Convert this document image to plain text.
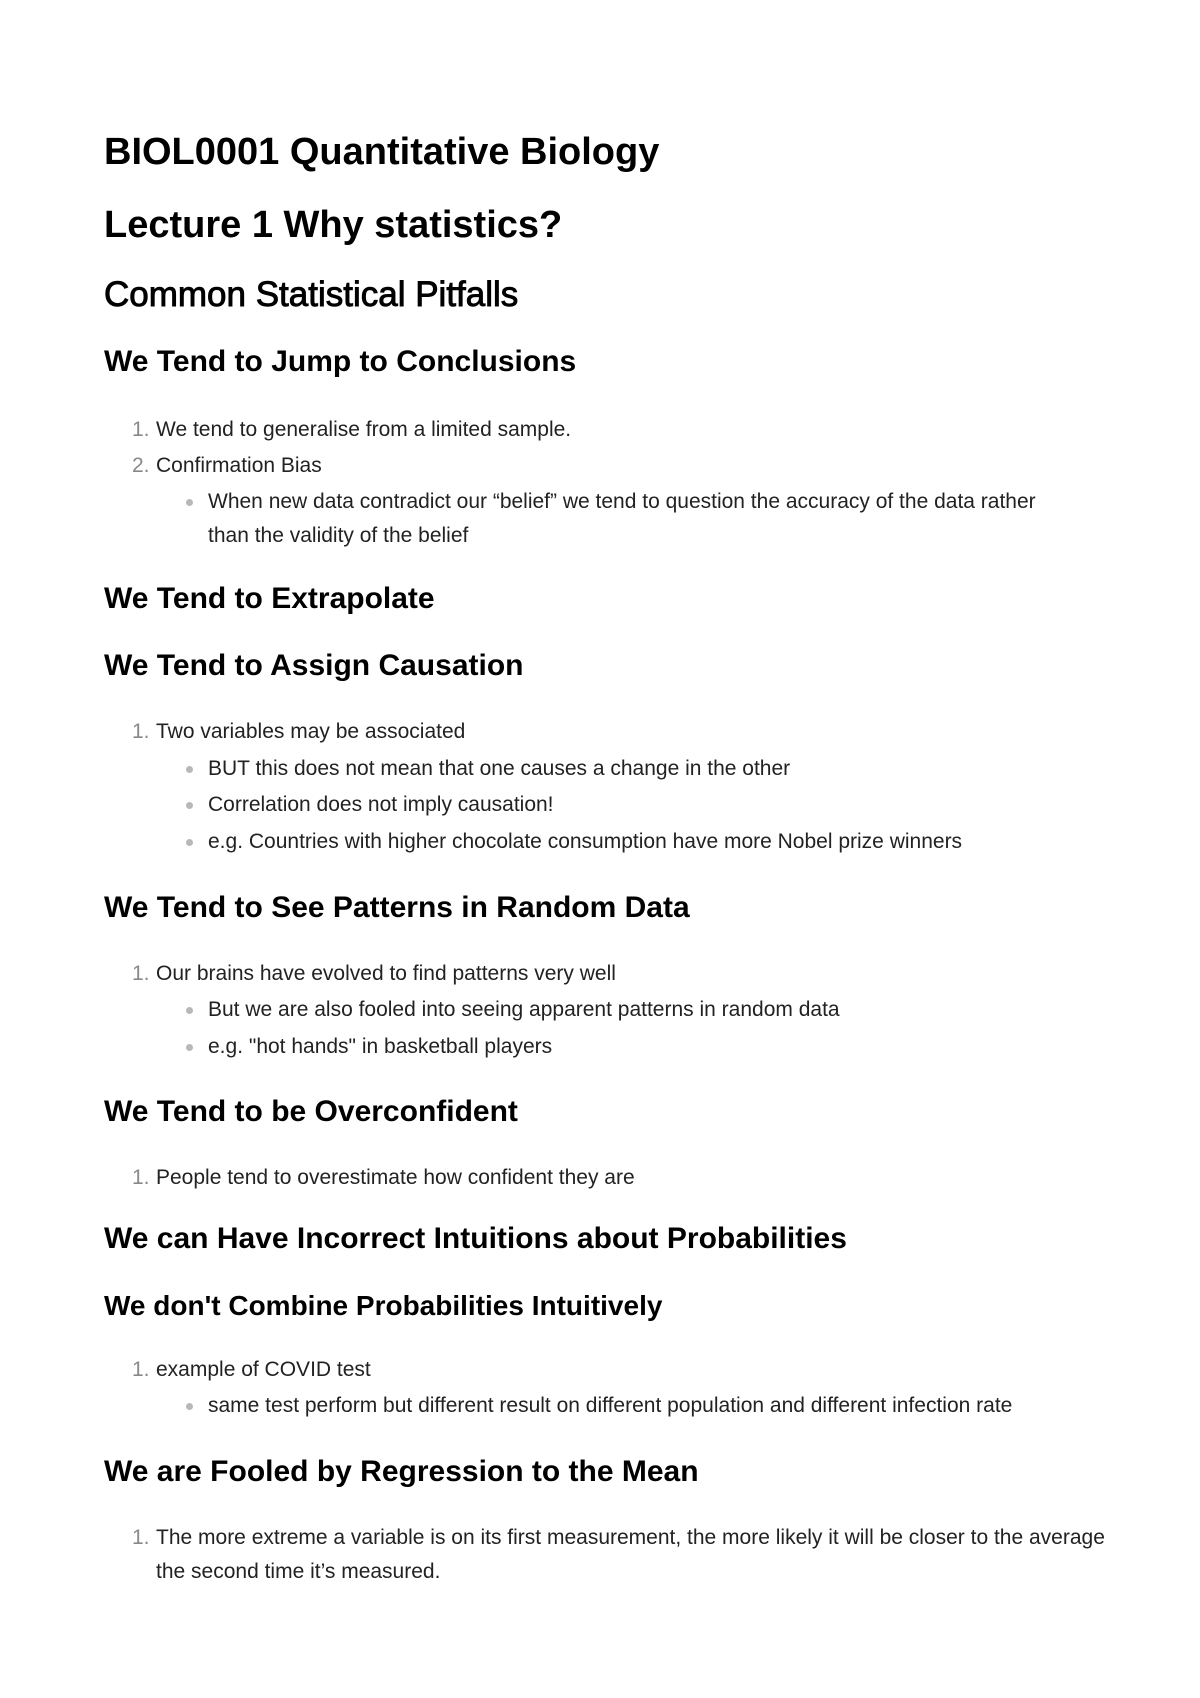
BIOL0001 Quantitative Biology
Lecture 1 Why statistics?
Common Statistical Pitfalls
We Tend to Jump to Conclusions
1. We tend to generalise from a limited sample.
2. Confirmation Bias
When new data contradict our “belief” we tend to question the accuracy of the data rather than the validity of the belief
We Tend to Extrapolate
We Tend to Assign Causation
1. Two variables may be associated
BUT this does not mean that one causes a change in the other
Correlation does not imply causation!
e.g. Countries with higher chocolate consumption have more Nobel prize winners
We Tend to See Patterns in Random Data
1. Our brains have evolved to find patterns very well
But we are also fooled into seeing apparent patterns in random data
e.g. "hot hands" in basketball players
We Tend to be Overconfident
1. People tend to overestimate how confident they are
We can Have Incorrect Intuitions about Probabilities
We don't Combine Probabilities Intuitively
1. example of COVID test
same test perform but different result on different population and different infection rate
We are Fooled by Regression to the Mean
1. The more extreme a variable is on its first measurement, the more likely it will be closer to the average the second time it’s measured.
